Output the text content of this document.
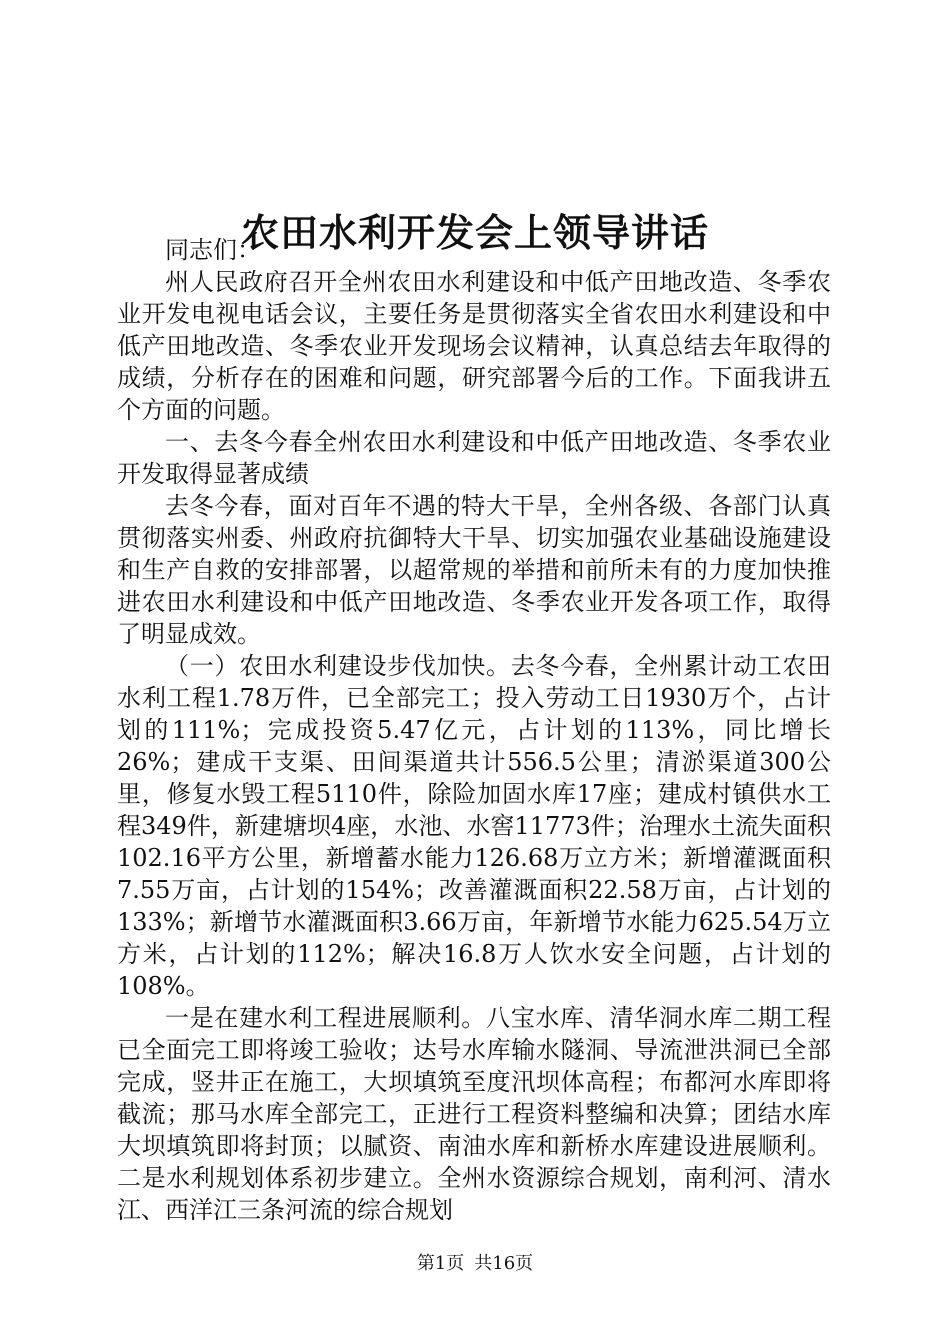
农田水利开发会上领导讲话

同志们：

州人民政府召开全州农田水利建设和中低产田地改造、冬季农业开发电视电话会议，主要任务是贯彻落实全省农田水利建设和中低产田地改造、冬季农业开发现场会议精神，认真总结去年取得的成绩，分析存在的困难和问题，研究部署今后的工作。下面我讲五个方面的问题。

一、去冬今春全州农田水利建设和中低产田地改造、冬季农业开发取得显著成绩

去冬今春，面对百年不遇的特大干旱，全州各级、各部门认真贯彻落实州委、州政府抗御特大干旱、切实加强农业基础设施建设和生产自救的安排部署，以超常规的举措和前所未有的力度加快推进农田水利建设和中低产田地改造、冬季农业开发各项工作，取得了明显成效。

（一）农田水利建设步伐加快。去冬今春，全州累计动工农田水利工程1.78万件，已全部完工；投入劳动工日1930万个，占计划的111%；完成投资5.47亿元，占计划的113%，同比增长26%；建成干支渠、田间渠道共计556.5公里；清淤渠道300公里，修复水毁工程5110件，除险加固水库17座；建成村镇供水工程349件，新建塘坝4座，水池、水窖11773件；治理水土流失面积102.16平方公里，新增蓄水能力126.68万立方米；新增灌溉面积7.55万亩，占计划的154%；改善灌溉面积22.58万亩，占计划的133%；新增节水灌溉面积3.66万亩，年新增节水能力625.54万立方米，占计划的112%；解决16.8万人饮水安全问题，占计划的108%。

一是在建水利工程进展顺利。八宝水库、清华洞水库二期工程已全面完工即将竣工验收；达号水库输水隧洞、导流泄洪洞已全部完成，竖井正在施工，大坝填筑至度汛坝体高程；布都河水库即将截流；那马水库全部完工，正进行工程资料整编和决算；团结水库大坝填筑即将封顶；以腻资、南油水库和新桥水库建设进展顺利。二是水利规划体系初步建立。全州水资源综合规划，南利河、清水江、西洋江三条河流的综合规划

第1页 共16页
